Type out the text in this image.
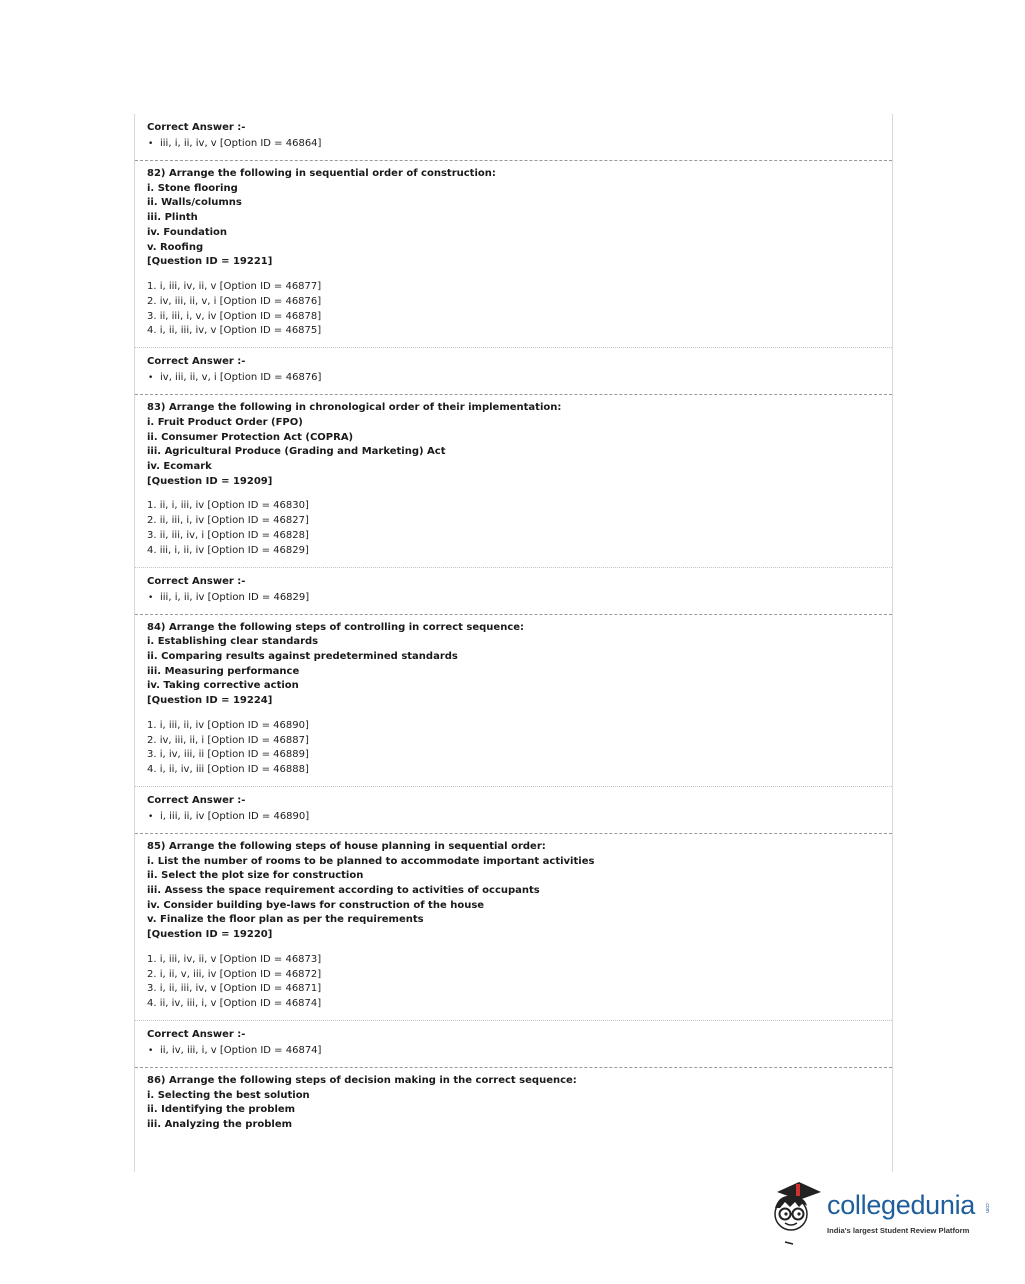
Correct Answer :-
• iii, i, ii, iv, v [Option ID = 46864]
82) Arrange the following in sequential order of construction:
i. Stone flooring
ii. Walls/columns
iii. Plinth
iv. Foundation
v. Roofing
[Question ID = 19221]
1. i, iii, iv, ii, v [Option ID = 46877]
2. iv, iii, ii, v, i [Option ID = 46876]
3. ii, iii, i, v, iv [Option ID = 46878]
4. i, ii, iii, iv, v [Option ID = 46875]
Correct Answer :-
• iv, iii, ii, v, i [Option ID = 46876]
83) Arrange the following in chronological order of their implementation:
i. Fruit Product Order (FPO)
ii. Consumer Protection Act (COPRA)
iii. Agricultural Produce (Grading and Marketing) Act
iv. Ecomark
[Question ID = 19209]
1. ii, i, iii, iv [Option ID = 46830]
2. ii, iii, i, iv [Option ID = 46827]
3. ii, iii, iv, i [Option ID = 46828]
4. iii, i, ii, iv [Option ID = 46829]
Correct Answer :-
• iii, i, ii, iv [Option ID = 46829]
84) Arrange the following steps of controlling in correct sequence:
i. Establishing clear standards
ii. Comparing results against predetermined standards
iii. Measuring performance
iv. Taking corrective action
[Question ID = 19224]
1. i, iii, ii, iv [Option ID = 46890]
2. iv, iii, ii, i [Option ID = 46887]
3. i, iv, iii, ii [Option ID = 46889]
4. i, ii, iv, iii [Option ID = 46888]
Correct Answer :-
• i, iii, ii, iv [Option ID = 46890]
85) Arrange the following steps of house planning in sequential order:
i. List the number of rooms to be planned to accommodate important activities
ii. Select the plot size for construction
iii. Assess the space requirement according to activities of occupants
iv. Consider building bye-laws for construction of the house
v. Finalize the floor plan as per the requirements
[Question ID = 19220]
1. i, iii, iv, ii, v [Option ID = 46873]
2. i, ii, v, iii, iv [Option ID = 46872]
3. i, ii, iii, iv, v [Option ID = 46871]
4. ii, iv, iii, i, v [Option ID = 46874]
Correct Answer :-
• ii, iv, iii, i, v [Option ID = 46874]
86) Arrange the following steps of decision making in the correct sequence:
i. Selecting the best solution
ii. Identifying the problem
iii. Analyzing the problem
collegedunia .com
India's largest Student Review Platform
